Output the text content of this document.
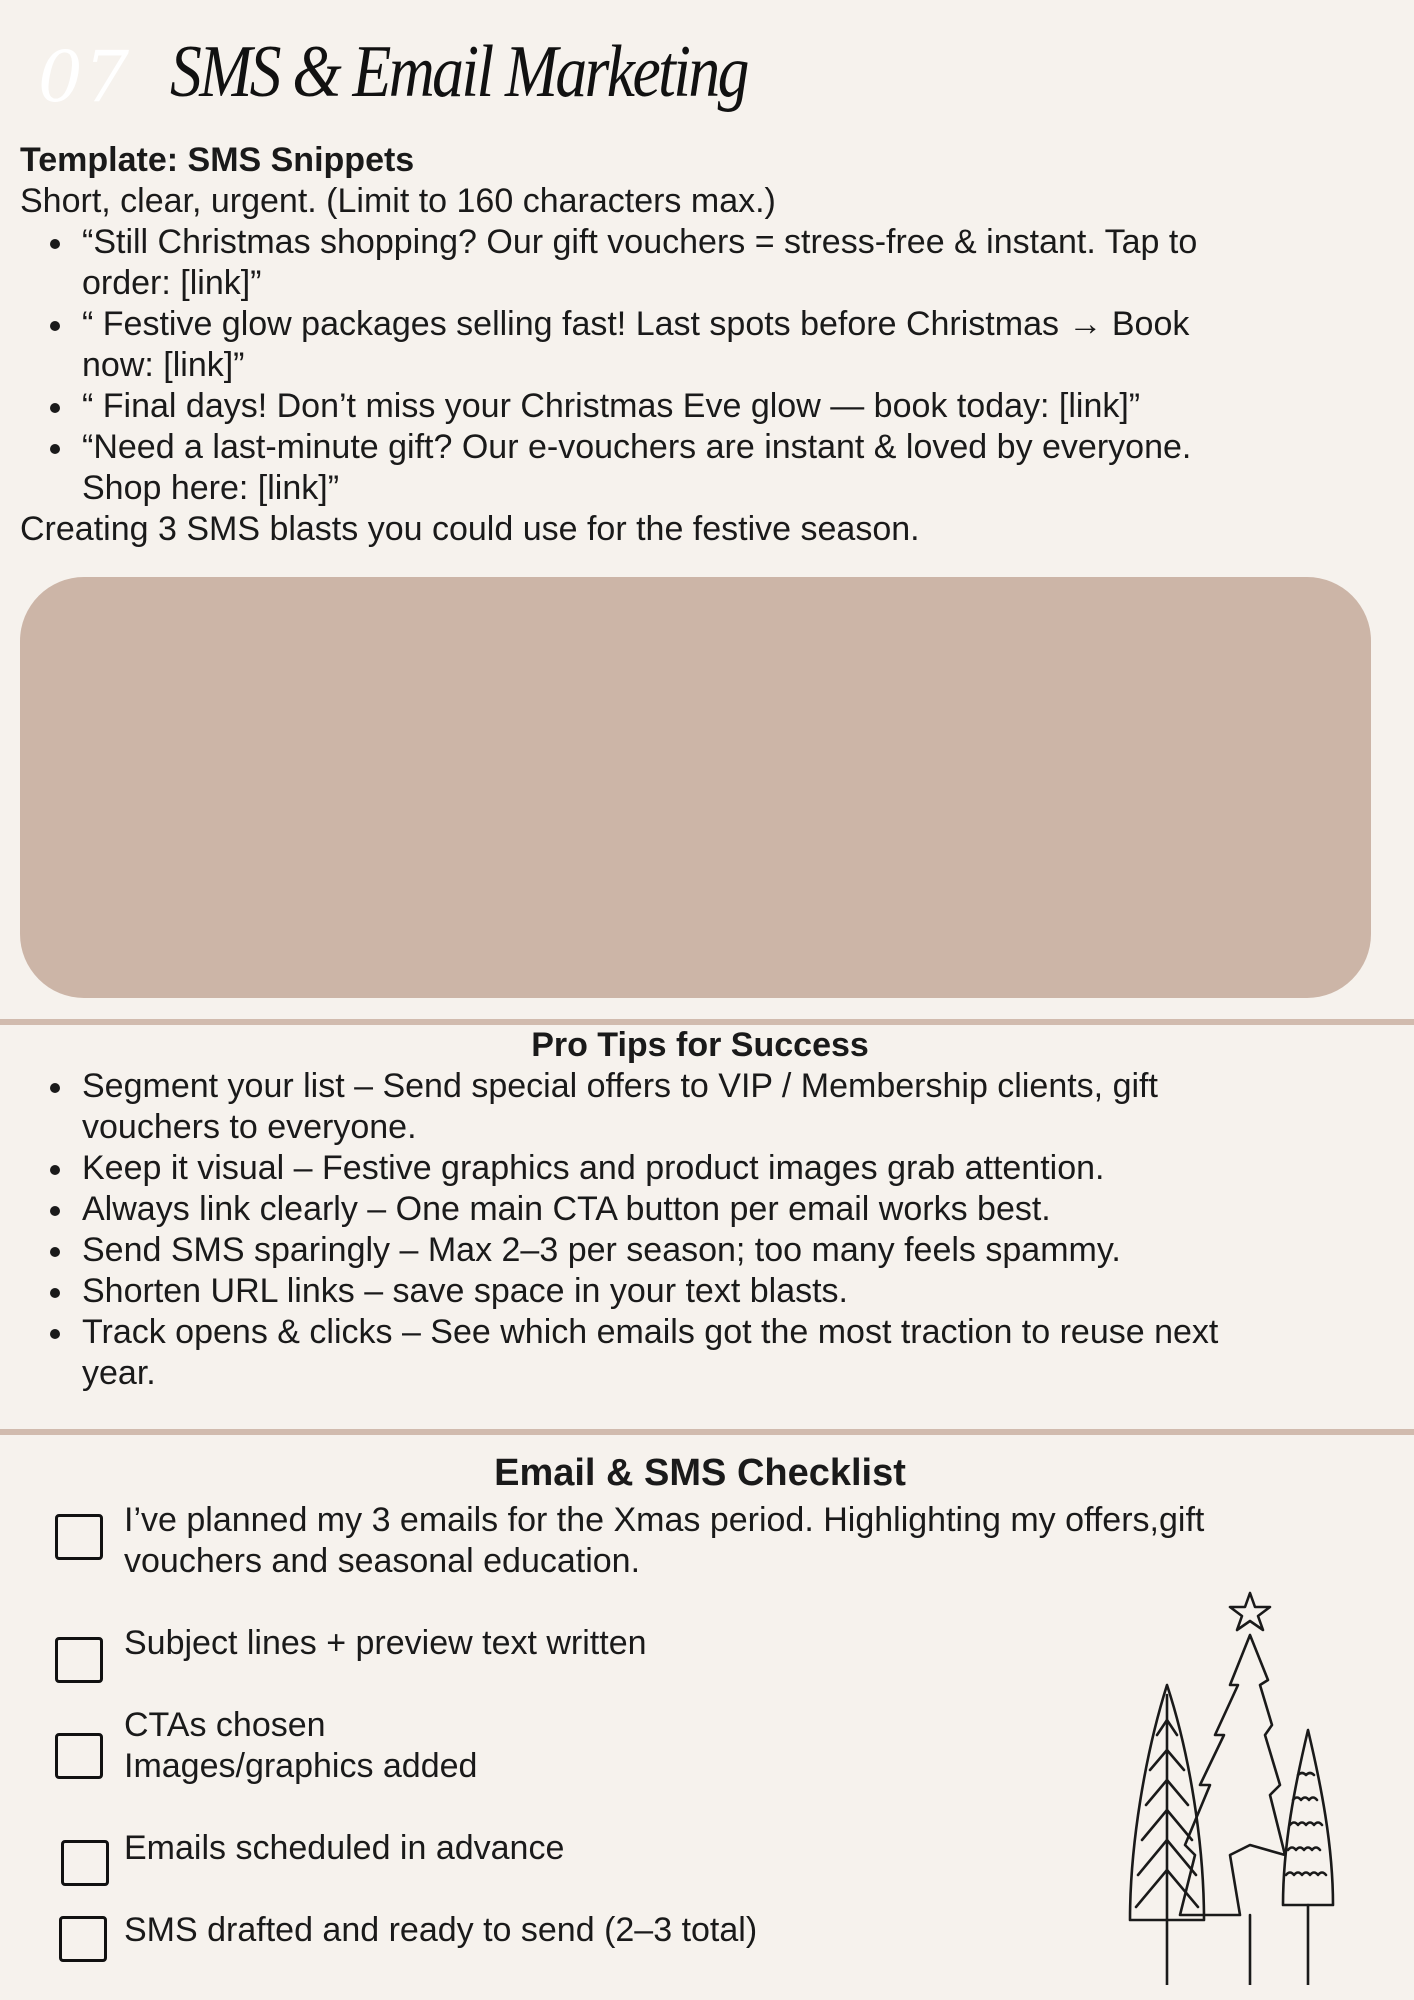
07 SMS & Email Marketing
Template: SMS Snippets
Short, clear, urgent. (Limit to 160 characters max.)
“Still Christmas shopping? Our gift vouchers = stress-free & instant. Tap to
order: [link]”
“ Festive glow packages selling fast! Last spots before Christmas → Book
now: [link]”
“ Final days! Don’t miss your Christmas Eve glow — book today: [link]”
“Need a last-minute gift? Our e-vouchers are instant & loved by everyone.
Shop here: [link]”
Creating 3 SMS blasts you could use for the festive season.
Pro Tips for Success
Segment your list – Send special offers to VIP / Membership clients, gift
vouchers to everyone.
Keep it visual – Festive graphics and product images grab attention.
Always link clearly – One main CTA button per email works best.
Send SMS sparingly – Max 2–3 per season; too many feels spammy.
Shorten URL links – save space in your text blasts.
Track opens & clicks – See which emails got the most traction to reuse next
year.
Email & SMS Checklist
I’ve planned my 3 emails for the Xmas period. Highlighting my offers,gift
vouchers and seasonal education.
Subject lines + preview text written
CTAs chosen
Images/graphics added
Emails scheduled in advance
SMS drafted and ready to send (2–3 total)
